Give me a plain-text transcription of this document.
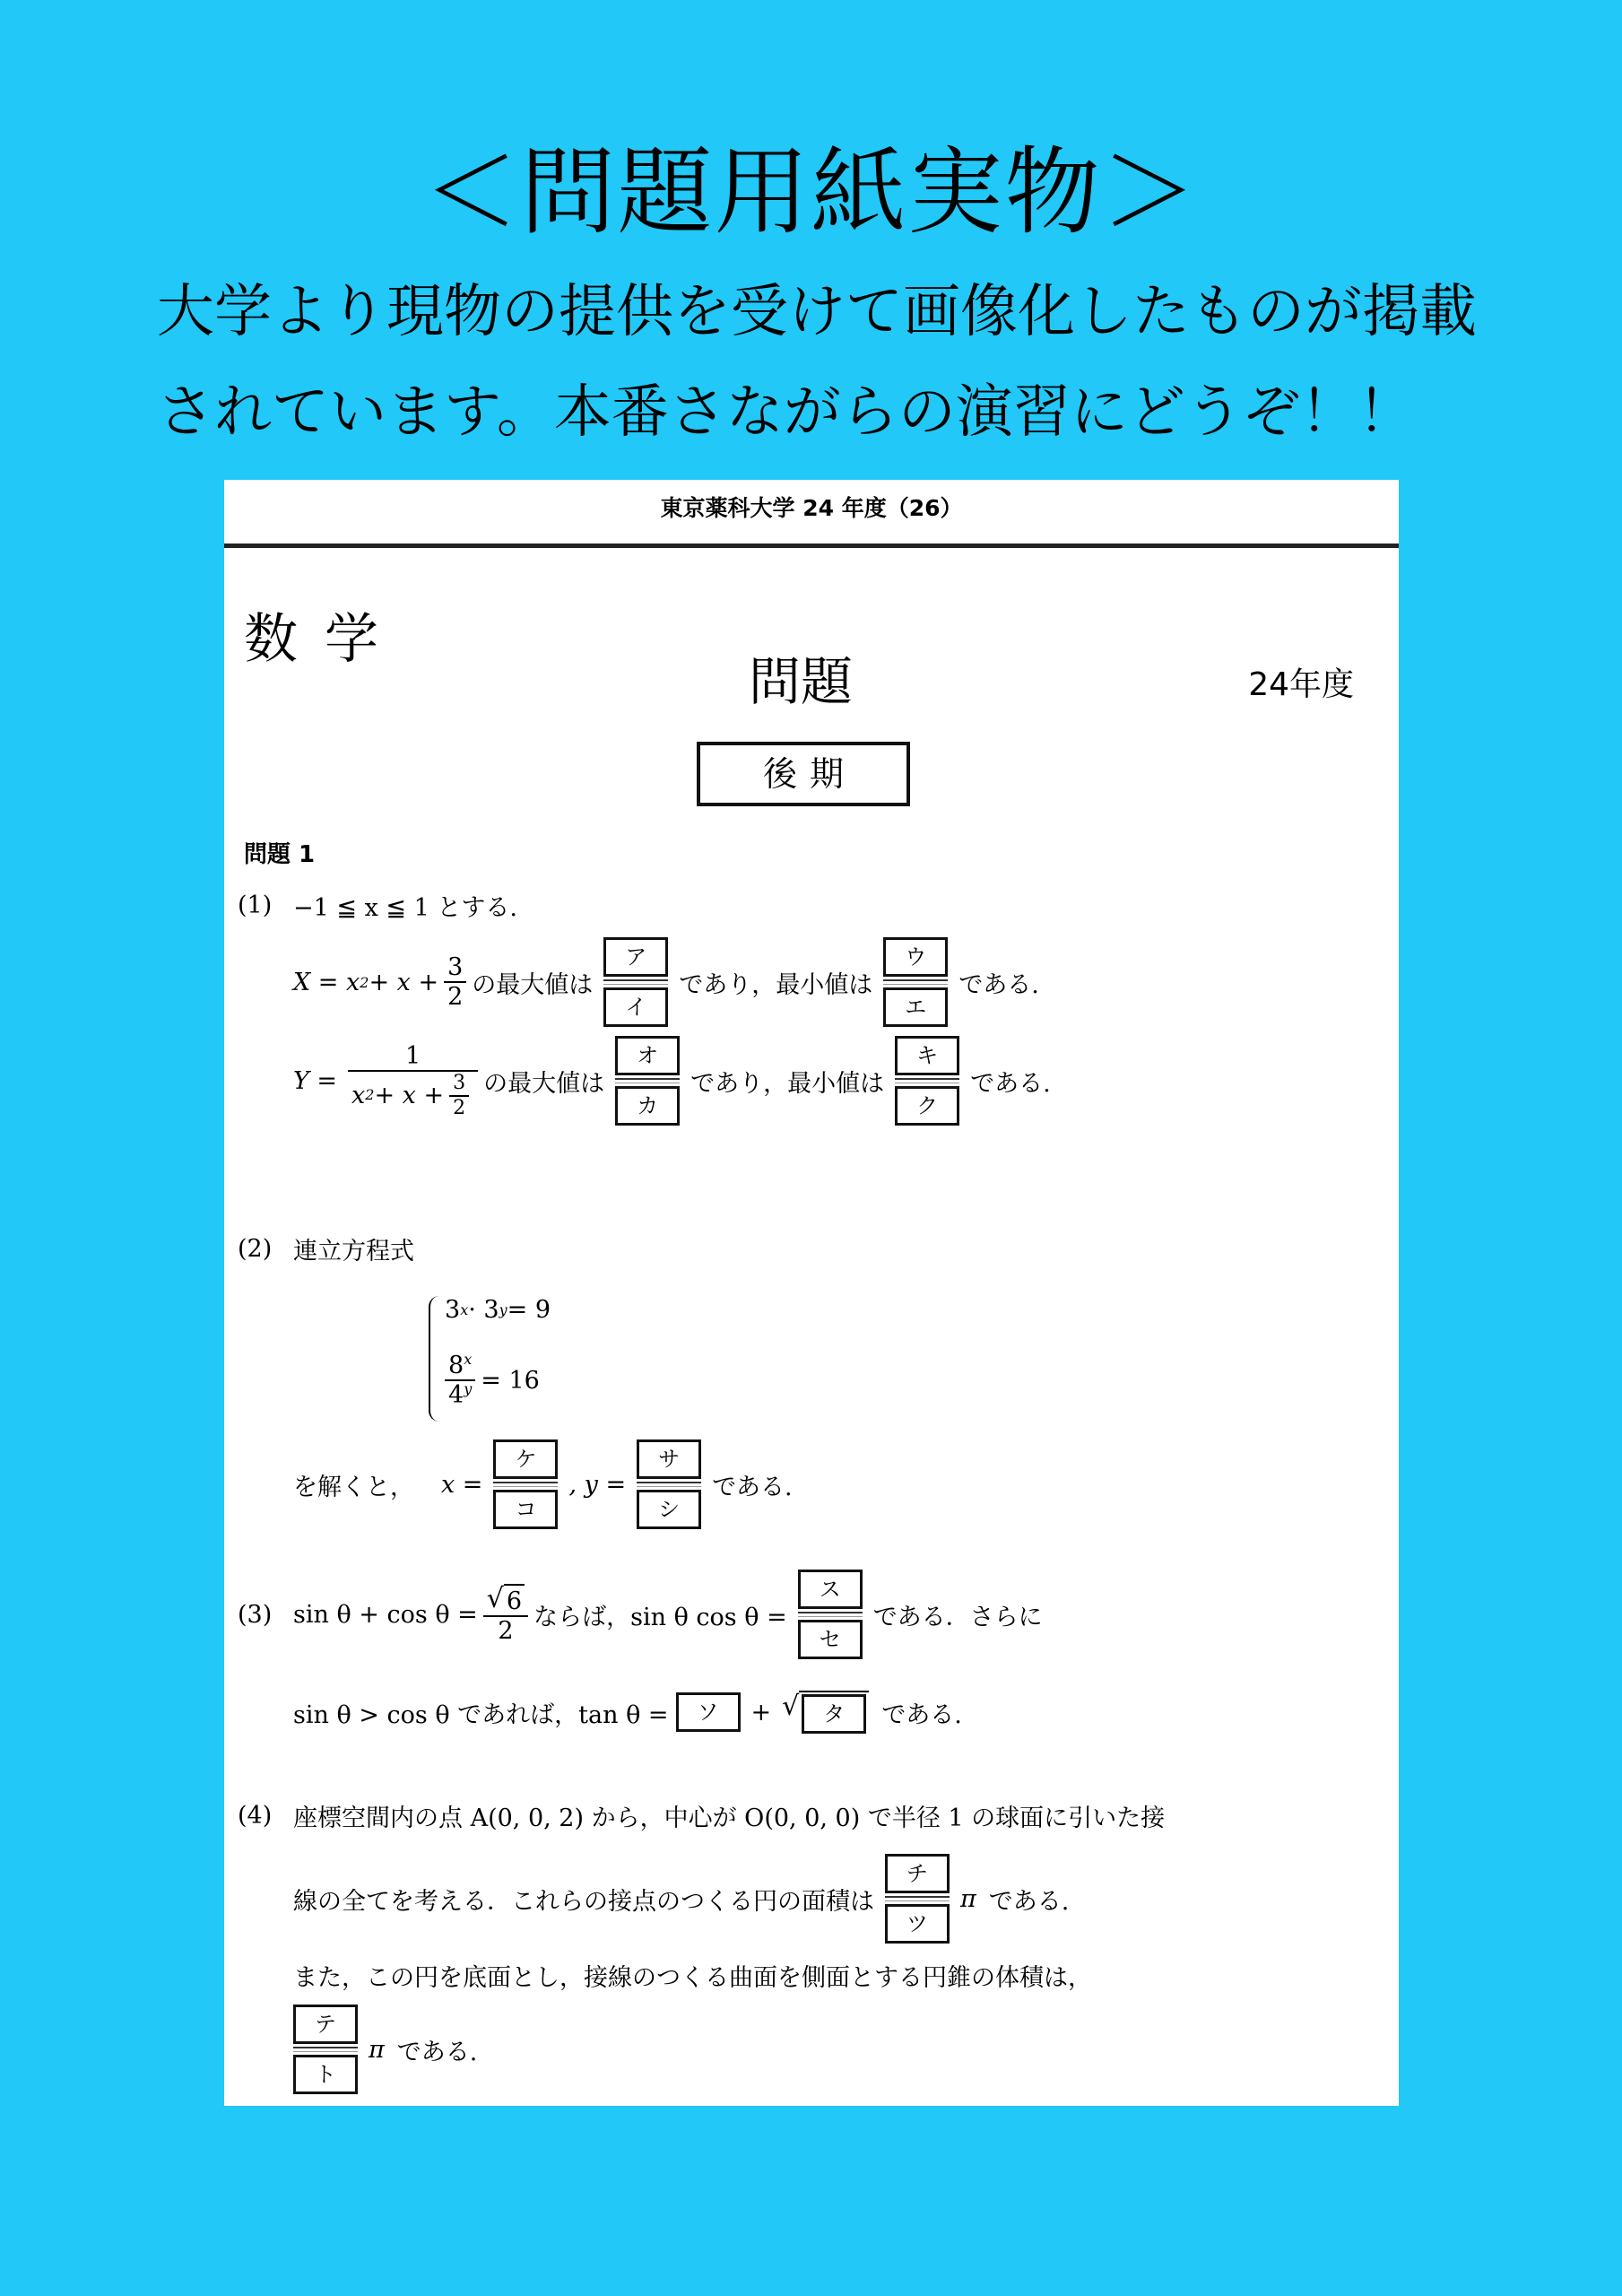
＜問題用紙実物＞
大学より現物の提供を受けて画像化したものが掲載
されています。本番さながらの演習にどうぞ！！
東京薬科大学 24 年度（26）
数学
問題	24年度
後期
問題 1
(1) −1 ≦ x ≦ 1 とする.
X = x $2 + x + \frac{3}{2}$ の最大値は
ア
イ
であり，最小値は
ウ
エ
である.
$Y = \frac{1}{x 2 + x + \frac{3}{2}}$ の最大値は
オ
カ
であり，最小値は
キ
ク
である.
(2) 連立方程式
3 x · 3 y = 9
$\frac{8^x}{4^y} = 16$
を解くと， x =
ケ
コ
, y =
サ
シ
である.
(3) $\sin \theta + \cos \theta = \frac{√ 6}{2}$ ならば，sin θ cos θ =
ス
セ
である．さらに
sin θ > cos θ であれば，tan θ =	ソ	+ √	タ	である.
(4) 座標空間内の点 A(0, 0, 2) から，中心が O(0, 0, 0) で半径 1 の球面に引いた接
線の全てを考える．これらの接点のつくる円の面積は
チ
ツ
π である.
また，この円を底面とし，接線のつくる曲面を側面とする円錐の体積は，
テ
ト
π である.
